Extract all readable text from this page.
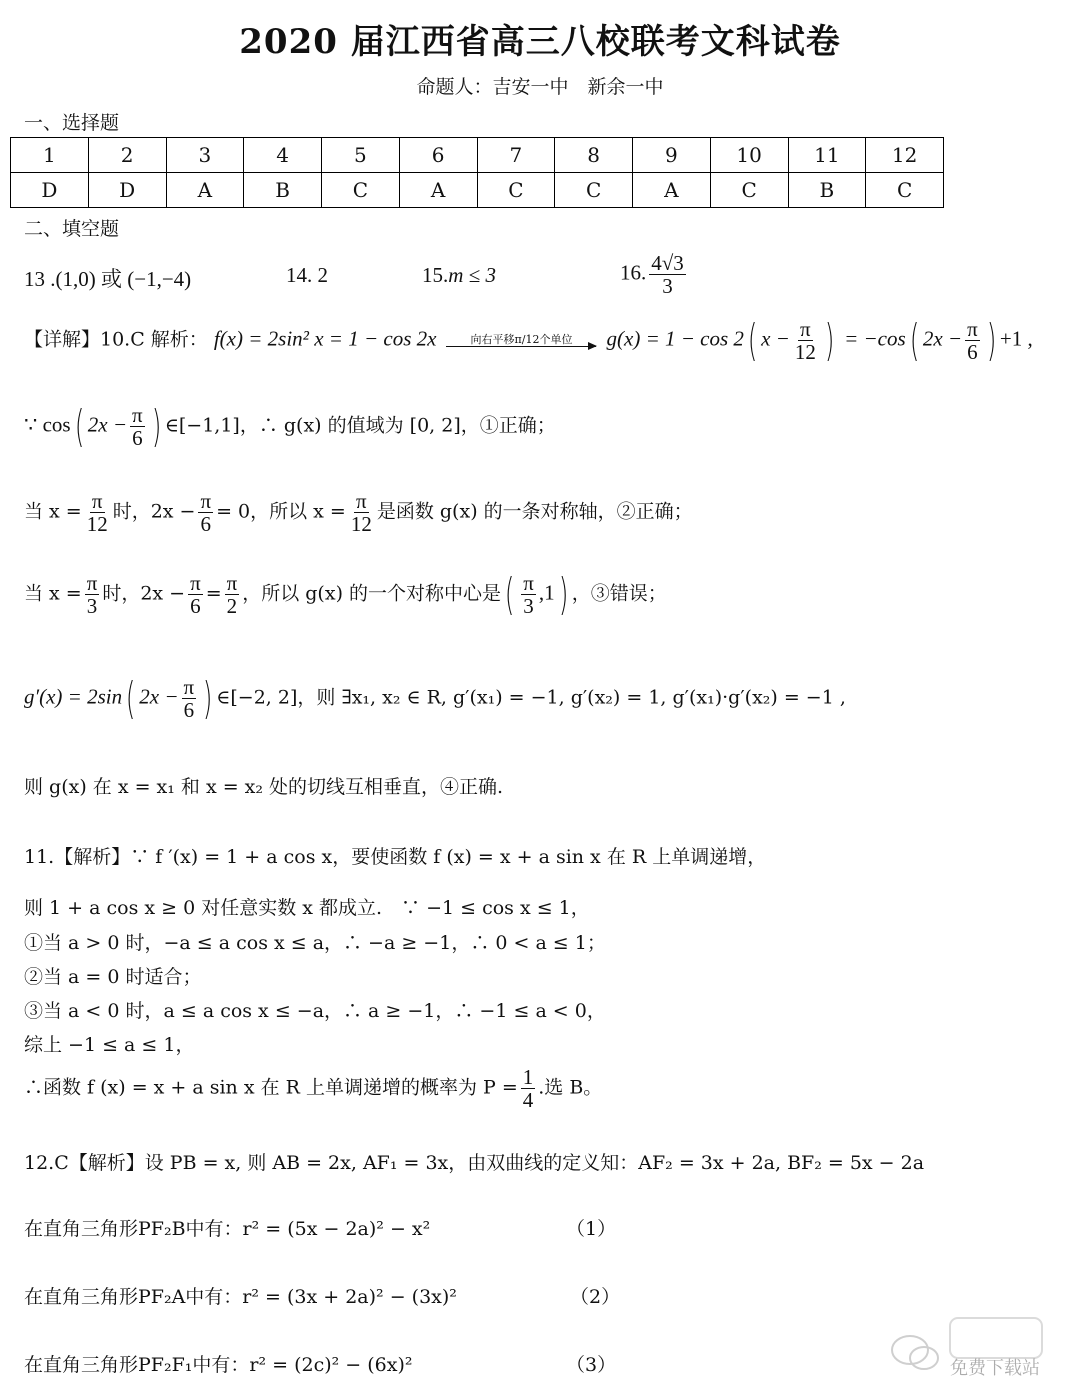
2020 届江西省高三八校联考文科试卷
命题人：吉安一中　新余一中
一、选择题
1	2	3	4	5	6	7	8	9	10	11	12
D	D	A	B	C	A	C	C	A	C	B	C
二、填空题
13 .(1,0) 或 (−1,−4)	14. 2	15.m ≤ 3	16. $\frac{4√3}{3}$
【详解】10.C 解析： f(x) = 2sin² x = 1 − cos 2x	向右平移π/12个单位 g(x) = 1 − cos 2( $x - \frac{\pi}{12}$ ) = −cos( $2x - \frac{\pi}{6}$ ) +1 ,
∵ cos( $2x - \frac{\pi}{6}$ ) ∈[−1,1]，∴ g(x) 的值域为 [0, 2]，①正确；
当 $x = \frac{\pi}{12}$ 时，$2x - \frac{\pi}{6} = 0$，所以 $x = \frac{\pi}{12}$ 是函数 g(x) 的一条对称轴，②正确；
当 $x = \frac{\pi}{3}$ 时，$2x - \frac{\pi}{6} = \frac{\pi}{2}$ ，所以 g(x) 的一个对称中心是( $\frac{\pi}{3} ,1$) ，③错误；
g′(x) = 2sin( $2x - \frac{\pi}{6}$ ) ∈[−2, 2]，则 ∃x₁, x₂ ∈ R, g′(x₁) = −1, g′(x₂) = 1, g′(x₁)·g′(x₂) = −1 ,
则 g(x) 在 x = x₁ 和 x = x₂ 处的切线互相垂直，④正确.
11.【解析】∵ f ′(x) = 1 + a cos x，要使函数 f (x) = x + a sin x 在 R 上单调递增，
则 1 + a cos x ≥ 0 对任意实数 x 都成立.　∵ −1 ≤ cos x ≤ 1，
①当 a > 0 时，−a ≤ a cos x ≤ a，∴ −a ≥ −1，∴ 0 < a ≤ 1；
②当 a = 0 时适合；
③当 a < 0 时，a ≤ a cos x ≤ −a，∴ a ≥ −1，∴ −1 ≤ a < 0，
综上 −1 ≤ a ≤ 1，
∴函数 f (x) = x + a sin x 在 R 上单调递增的概率为 $P = \frac{1}{4}$ .选 B。
12.C【解析】设 PB = x, 则 AB = 2x, AF₁ = 3x，由双曲线的定义知：AF₂ = 3x + 2a, BF₂ = 5x − 2a
在直角三角形PF₂B中有：r² = (5x − 2a)² − x²	（1）
在直角三角形PF₂A中有：r² = (3x + 2a)² − (3x)²	（2）
在直角三角形PF₂F₁中有：r² = (2c)² − (6x)²	（3）	免费下载站
